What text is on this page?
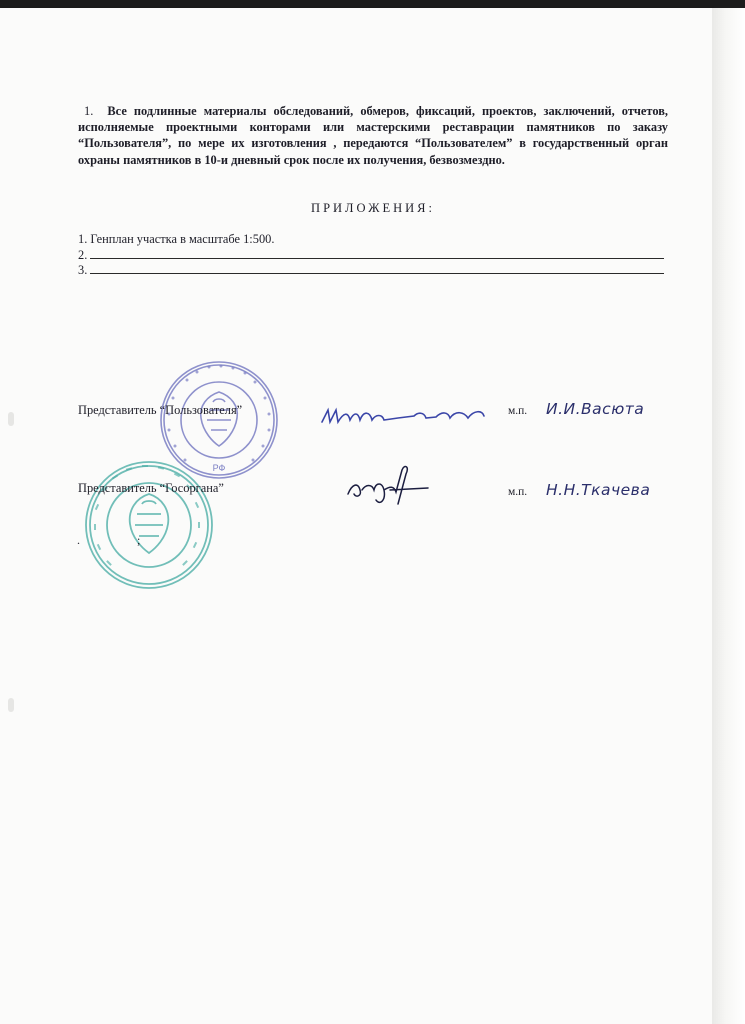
1. Все подлинные материалы обследований, обмеров, фиксаций, проектов, заключений, отчетов, исполняемые проектными конторами или мастерскими реставрации памятников по заказу “Пользователя”, по мере их изготовления , передаются “Пользователем” в государственный орган охраны памятников в 10-и дневный срок после их получения, безвозмездно.

ПРИЛОЖЕНИЯ:
1. Генплан участка в масштабе 1:500.
2.
3.
РФ
Представитель “Пользователя”	м.п. И.И.Васюта
Представитель “Госоргана”	м.п. Н.Н.Ткачева
.                   ;
